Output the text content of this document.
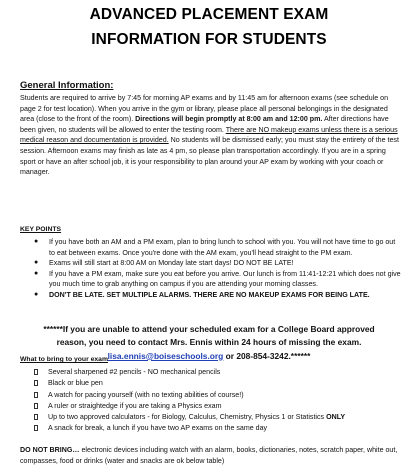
ADVANCED PLACEMENT EXAM
INFORMATION FOR STUDENTS
General Information:
Students are required to arrive by 7:45 for morning AP exams and by 11:45 am for afternoon exams (see schedule on page 2 for test location). When you arrive in the gym or library, please place all personal belongings in the designated area (close to the front of the room). Directions will begin promptly at 8:00 am and 12:00 pm. After directions have been given, no students will be allowed to enter the testing room. There are NO makeup exams unless there is a serious medical reason and documentation is provided. No students will be dismissed early; you must stay the entirety of the test session. Afternoon exams may finish as late as 4 pm, so please plan transportation accordingly. If you are in a spring sport or have an after school job, it is your responsibility to plan around your AP exam by working with your coach or manager.
KEY POINTS
● If you have both an AM and a PM exam, plan to bring lunch to school with you. You will not have time to go out to eat between exams. Once you're done with the AM exam, you'll head straight to the PM exam.
● Exams will still start at 8:00 AM on Monday late start days! DO NOT BE LATE!
● If you have a PM exam, make sure you eat before you arrive. Our lunch is from 11:41-12:21 which does not give you much time to grab anything on campus if you are attending your morning classes.
● DON'T BE LATE. SET MULTIPLE ALARMS. THERE ARE NO MAKEUP EXAMS FOR BEING LATE.
******If you are unable to attend your scheduled exam for a College Board approved
reason, you need to contact Mrs. Ennis within 24 hours of missing the exam.
lisa.ennis@boiseschools.org or 208-854-3242.******
What to bring to your exam
Several sharpened #2 pencils - NO mechanical pencils
Black or blue pen
A watch for pacing yourself (with no texting abilities of course!)
A ruler or straightedge if you are taking a Physics exam
Up to two approved calculators - for Biology, Calculus, Chemistry, Physics 1 or Statistics ONLY
A snack for break, a lunch if you have two AP exams on the same day
DO NOT BRING… electronic devices including watch with an alarm, books, dictionaries, notes, scratch paper, white out, compasses, food or drinks (water and snacks are ok below table)
